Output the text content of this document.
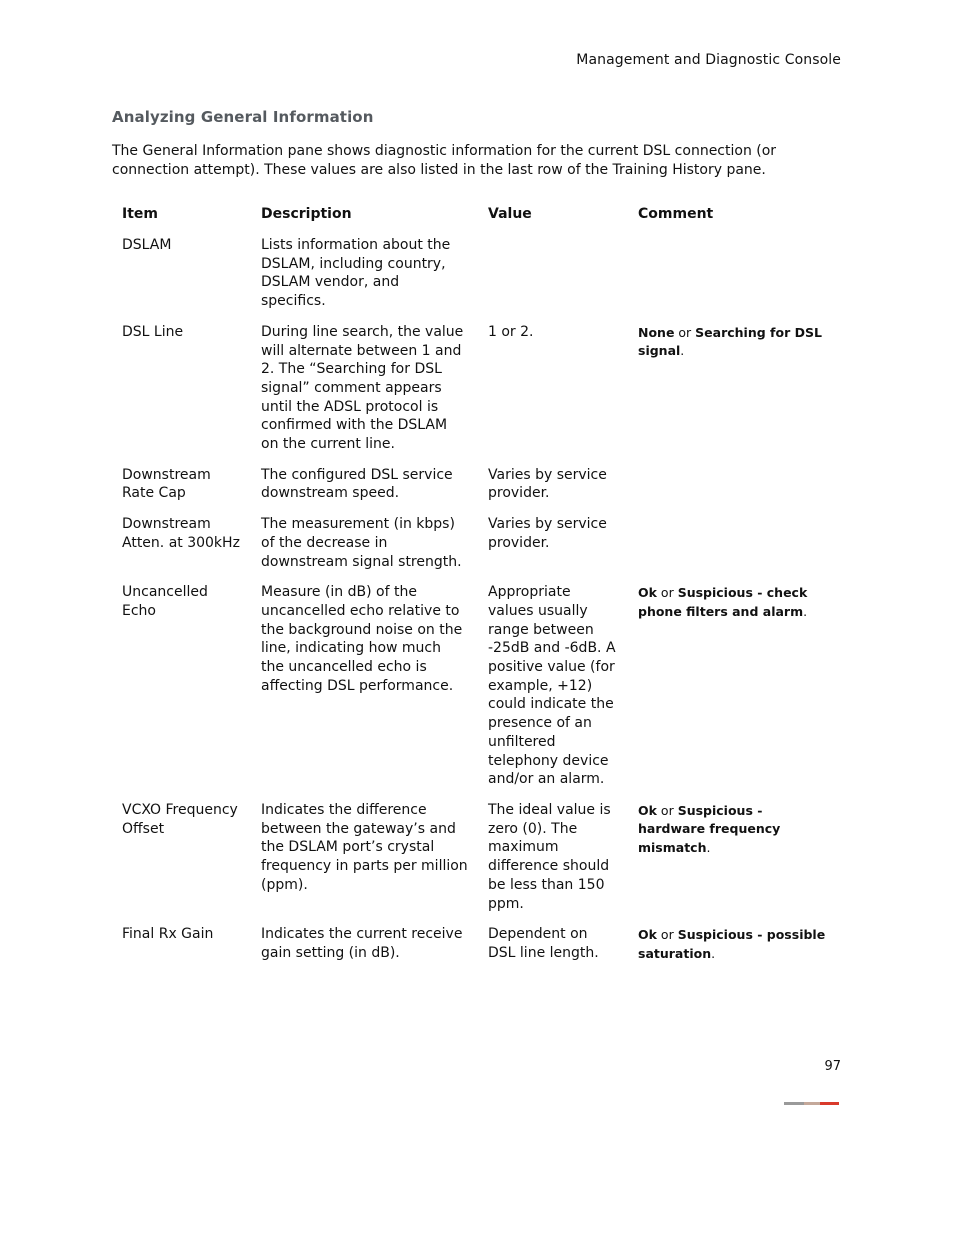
Management and Diagnostic Console
Analyzing General Information

The General Information pane shows diagnostic information for the current DSL connection (or connection attempt). These values are also listed in the last row of the Training History pane.

Item	Description	Value	Comment
DSLAM	Lists information about the DSLAM, including country, DSLAM vendor, and specifics.		
DSL Line	During line search, the value will alternate between 1 and 2. The “Searching for DSL signal” comment appears until the ADSL protocol is confirmed with the DSLAM on the current line.	1 or 2.	None or Searching for DSL signal.
Downstream Rate Cap	The configured DSL service downstream speed.	Varies by service provider.	
Downstream Atten. at 300kHz	The measurement (in kbps) of the decrease in downstream signal strength.	Varies by service provider.	
Uncancelled Echo	Measure (in dB) of the uncancelled echo relative to the background noise on the line, indicating how much the uncancelled echo is affecting DSL performance.	Appropriate values usually range between -25dB and -6dB. A positive value (for example, +12) could indicate the presence of an unfiltered telephony device and/or an alarm.	Ok or Suspicious - check phone filters and alarm.
VCXO Frequency Offset	Indicates the difference between the gateway’s and the DSLAM port’s crystal frequency in parts per million (ppm).	The ideal value is zero (0). The maximum difference should be less than 150 ppm.	Ok or Suspicious - hardware frequency mismatch.
Final Rx Gain	Indicates the current receive gain setting (in dB).	Dependent on DSL line length.	Ok or Suspicious - possible saturation.
97
